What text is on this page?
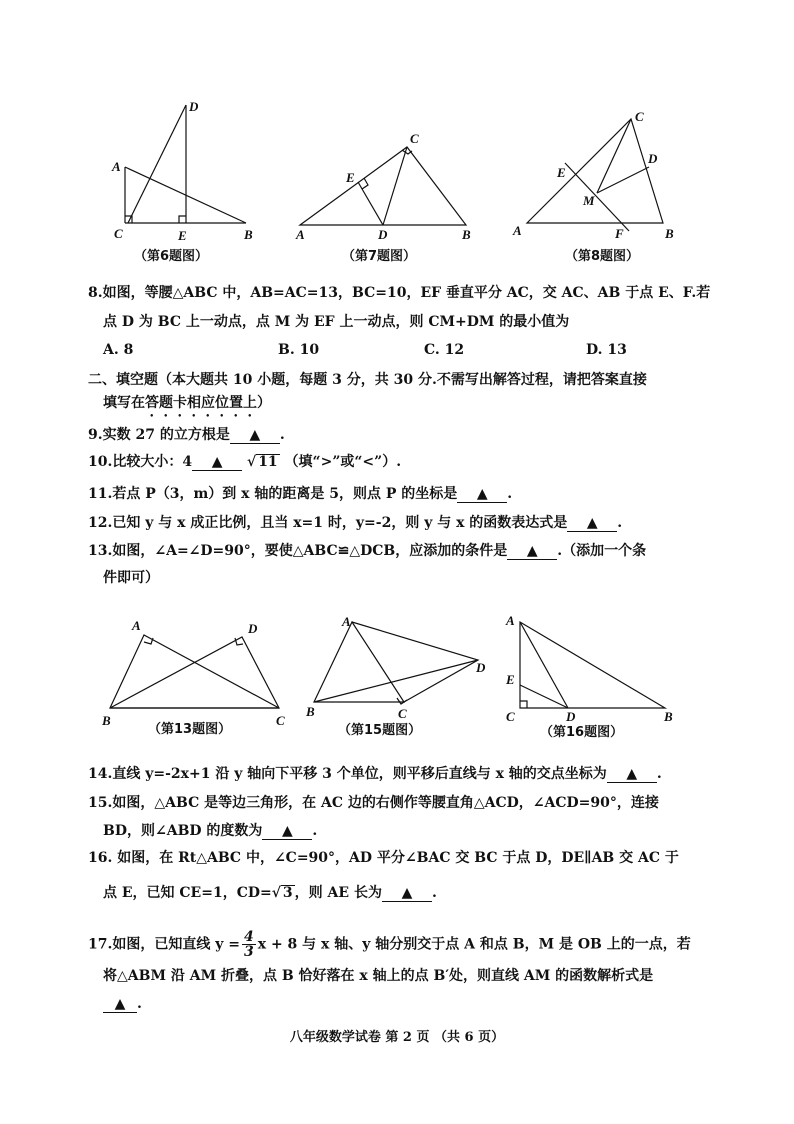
D
A
C	E	B
（第6题图）
C
E
A	D	B
（第7题图）
C
D
E
M
A	F	B
（第8题图）
8.如图，等腰△ABC 中，AB=AC=13，BC=10，EF 垂直平分 AC，交 AC、AB 于点 E、F.若
点 D 为 BC 上一动点，点 M 为 EF 上一动点，则 CM+DM 的最小值为
A. 8	B. 10	C. 12	D. 13
二、填空题（本大题共 10 小题，每题 3 分，共 30 分.不需写出解答过程，请把答案直接
填写在答题卡相应位置上）
9.实数 27 的立方根是 ▲ .
10.比较大小：4 ▲ √ 11 （填“>”或“<”）.
11.若点 P（3，m）到 x 轴的距离是 5，则点 P 的坐标是 ▲ .
12.已知 y 与 x 成正比例，且当 x=1 时，y=-2，则 y 与 x 的函数表达式是 ▲ .
13.如图，∠A=∠D=90°，要使△ABC≌△DCB，应添加的条件是 ▲ .（添加一个条
件即可）
A	D
B	C
（第13题图）
A
D
B	C
（第15题图）
A
E
C	D	B
（第16题图）
14.直线 y=-2x+1 沿 y 轴向下平移 3 个单位，则平移后直线与 x 轴的交点坐标为 ▲ .
15.如图，△ABC 是等边三角形，在 AC 边的右侧作等腰直角△ACD，∠ACD=90°，连接
BD，则∠ABD 的度数为 ▲ .
16. 如图，在 Rt△ABC 中，∠C=90°，AD 平分∠BAC 交 BC 于点 D，DE∥AB 交 AC 于
点 E，已知 CE=1，CD=√ 3 ，则 AE 长为 ▲ .
17.如图，已知直线 $y = \frac{4}{3}$ x + 8 与 x 轴、y 轴分别交于点 A 和点 B，M 是 OB 上的一点，若
将△ABM 沿 AM 折叠，点 B 恰好落在 x 轴上的点 B′处，则直线 AM 的函数解析式是
▲ .
八年级数学试卷 第 2 页 （共 6 页）
